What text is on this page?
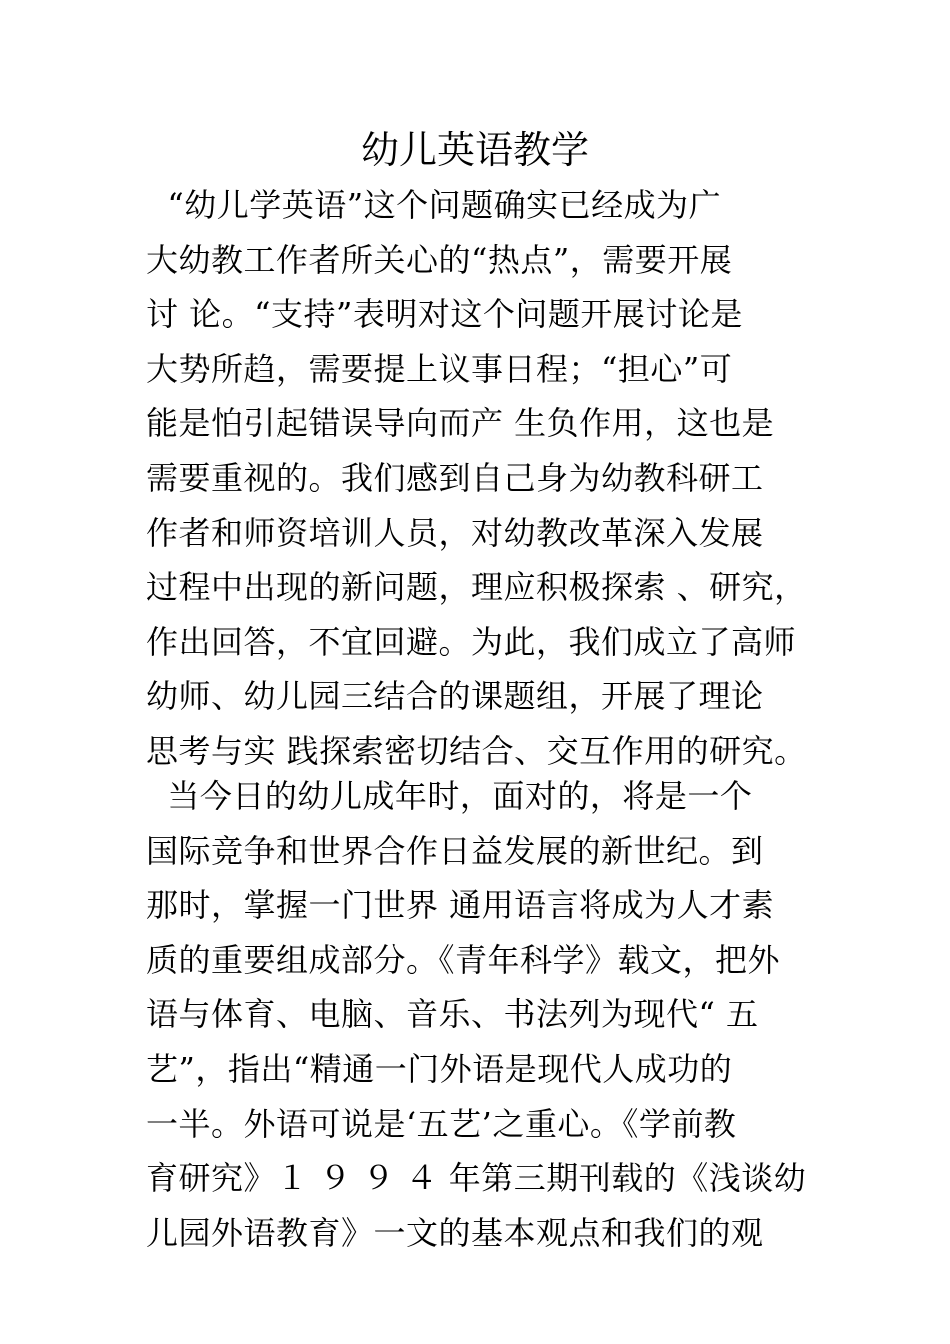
幼儿英语教学
“幼儿学英语”这个问题确实已经成为广
大幼教工作者所关心的“热点”，需要开展
讨 论。“支持”表明对这个问题开展讨论是
大势所趋，需要提上议事日程；“担心”可
能是怕引起错误导向而产 生负作用，这也是
需要重视的。我们感到自己身为幼教科研工
作者和师资培训人员，对幼教改革深入发展
过程中出现的新问题，理应积极探索 、研究，
作出回答，不宜回避。为此，我们成立了高师
幼师、幼儿园三结合的课题组，开展了理论
思考与实 践探索密切结合、交互作用的研究。
当今日的幼儿成年时，面对的，将是一个
国际竞争和世界合作日益发展的新世纪。到
那时，掌握一门世界 通用语言将成为人才素
质的重要组成部分。《青年科学》载文，把外
语与体育、电脑、音乐、书法列为现代“ 五
艺”，指出“精通一门外语是现代人成功的
一半。外语可说是‘五艺’之重心。《学前教
育研究》１ ９ ９ ４ 年第三期刊载的《浅谈幼
儿园外语教育》一文的基本观点和我们的观
